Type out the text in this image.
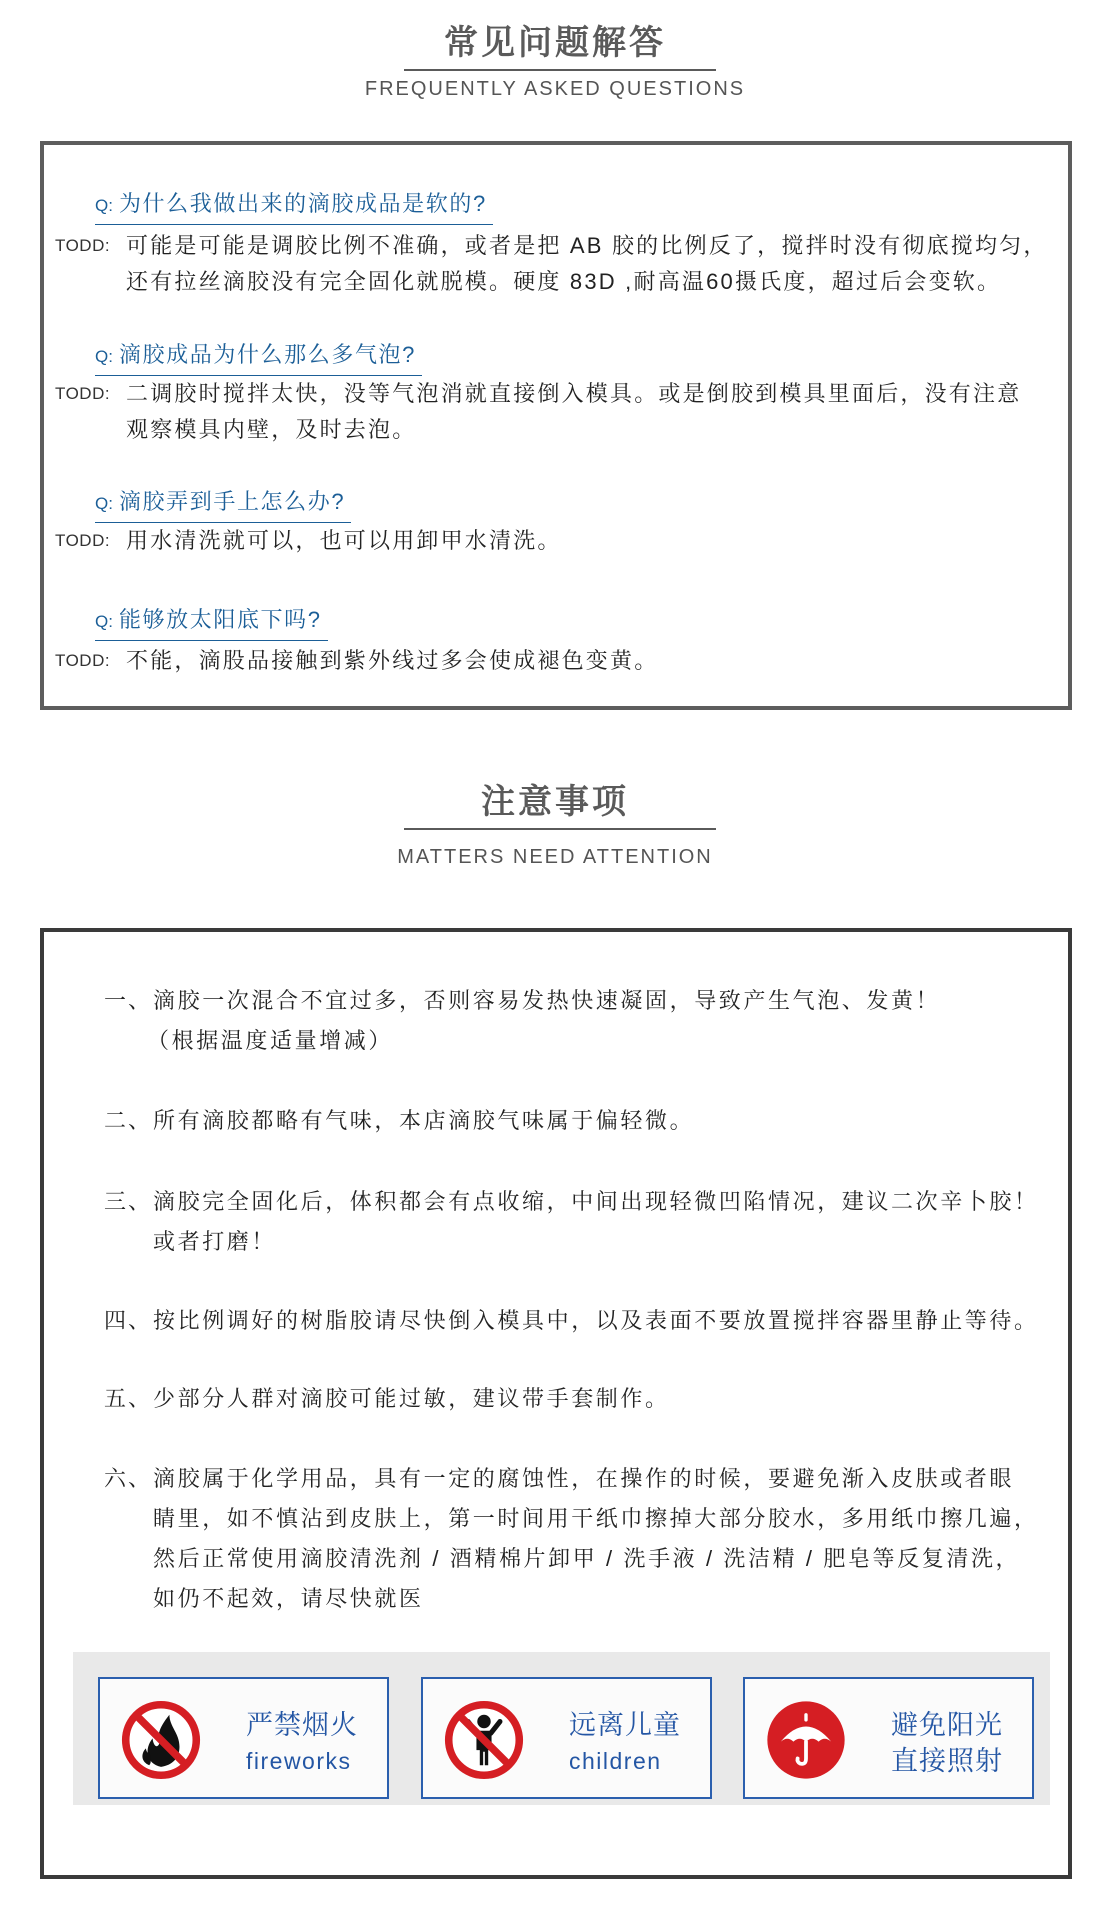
常见问题解答
FREQUENTLY ASKED QUESTIONS
Q: 为什么我做出来的滴胶成品是软的?
TODD: 可能是可能是调胶比例不准确，或者是把 AB 胶的比例反了，搅拌时没有彻底搅均匀，
还有拉丝滴胶没有完全固化就脱模。硬度 83D ,耐高温60摄氏度，超过后会变软。
Q: 滴胶成品为什么那么多气泡?
TODD: 二调胶时搅拌太快，没等气泡消就直接倒入模具。或是倒胶到模具里面后，没有注意
观察模具内壁，及时去泡。
Q: 滴胶弄到手上怎么办?
TODD: 用水清洗就可以，也可以用卸甲水清洗。
Q: 能够放太阳底下吗?
TODD: 不能，滴股品接触到紫外线过多会使成褪色变黄。
注意事项
MATTERS NEED ATTENTION
一、 滴胶一次混合不宜过多，否则容易发热快速凝固，导致产生气泡、发黄！
（根据温度适量增减）
二、 所有滴胶都略有气味，本店滴胶气味属于偏轻微。
三、 滴胶完全固化后，体积都会有点收缩，中间出现轻微凹陷情况，建议二次辛卜胶！
或者打磨！
四、 按比例调好的树脂胶请尽快倒入模具中，以及表面不要放置搅拌容器里静止等待。
五、 少部分人群对滴胶可能过敏，建议带手套制作。
六、 滴胶属于化学用品，具有一定的腐蚀性，在操作的时候，要避免渐入皮肤或者眼
睛里，如不慎沾到皮肤上，第一时间用干纸巾擦掉大部分胶水，多用纸巾擦几遍，
然后正常使用滴胶清洗剂 / 酒精棉片卸甲 / 洗手液 / 洗洁精 / 肥皂等反复清洗，
如仍不起效，请尽快就医
严禁烟火
fireworks
远离儿童
children
避免阳光
直接照射
